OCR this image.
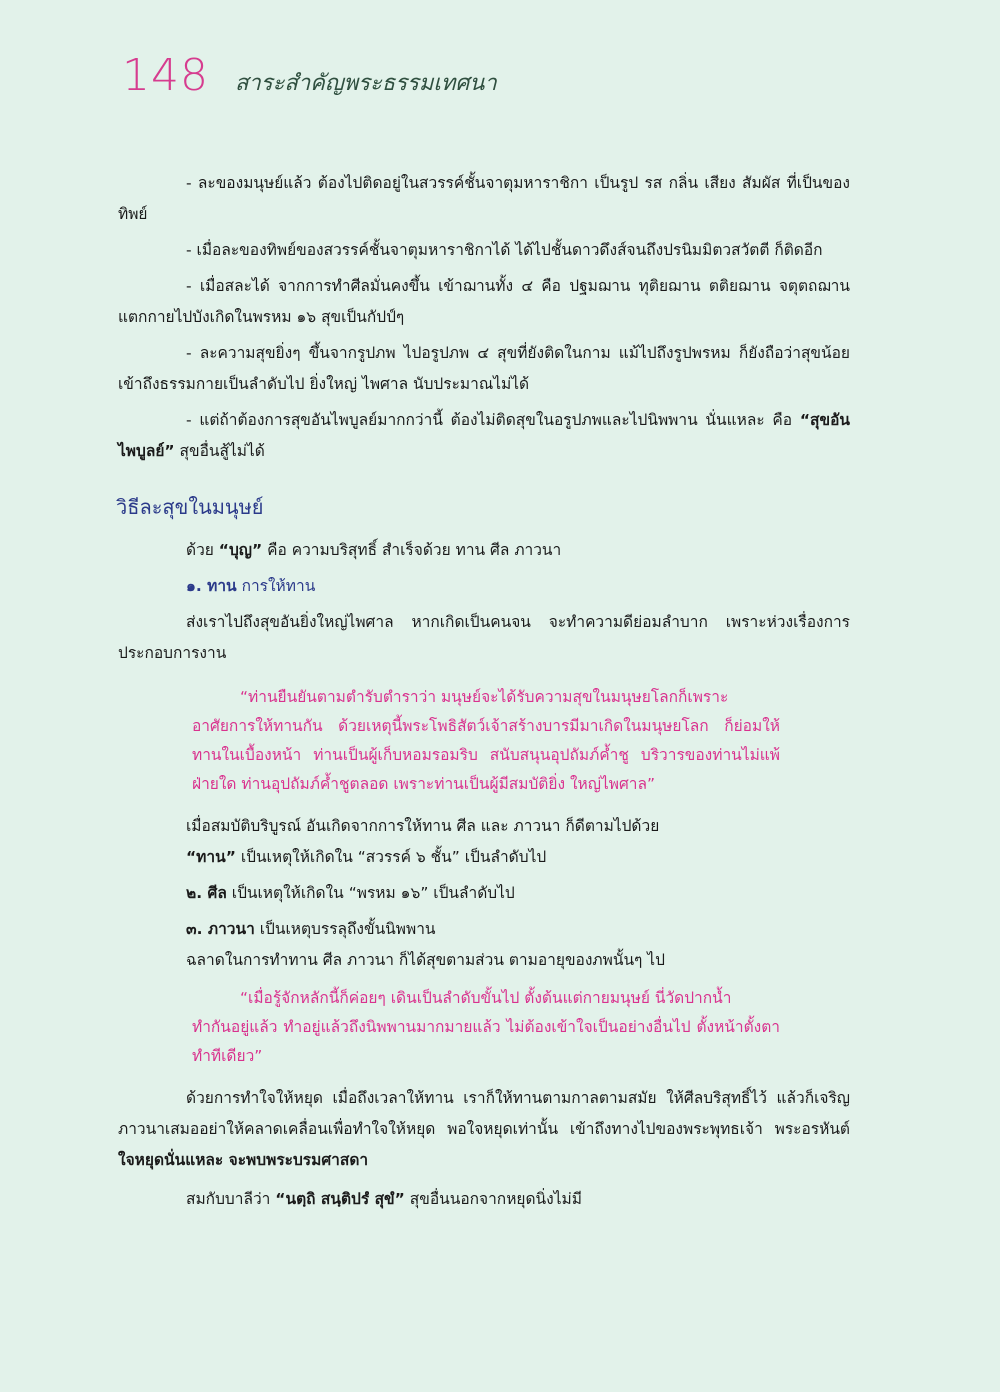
148 สาระสำคัญพระธรรมเทศนา

- ละของมนุษย์แล้ว ต้องไปติดอยู่ในสวรรค์ชั้นจาตุมหาราชิกา เป็นรูป รส กลิ่น เสียง สัมผัส ที่เป็นของทิพย์

- เมื่อละของทิพย์ของสวรรค์ชั้นจาตุมหาราชิกาได้ ได้ไปชั้นดาวดึงส์จนถึงปรนิมมิตวสวัตตี ก็ติดอีก

- เมื่อสละได้ จากการทำศีลมั่นคงขึ้น เข้าฌานทั้ง ๔ คือ ปฐมฌาน ทุติยฌาน ตติยฌาน จตุตถฌาน แตกกายไปบังเกิดในพรหม ๑๖ สุขเป็นกัปป์ๆ

- ละความสุขยิ่งๆ ขึ้นจากรูปภพ ไปอรูปภพ ๔ สุขที่ยังติดในกาม แม้ไปถึงรูปพรหม ก็ยังถือว่าสุขน้อย เข้าถึงธรรมกายเป็นลำดับไป ยิ่งใหญ่ ไพศาล นับประมาณไม่ได้

- แต่ถ้าต้องการสุขอันไพบูลย์มากกว่านี้ ต้องไม่ติดสุขในอรูปภพและไปนิพพาน นั่นแหละ คือ “สุขอันไพบูลย์” สุขอื่นสู้ไม่ได้

วิธีละสุขในมนุษย์

ด้วย “บุญ” คือ ความบริสุทธิ์ สำเร็จด้วย ทาน ศีล ภาวนา

๑. ทาน การให้ทาน

ส่งเราไปถึงสุขอันยิ่งใหญ่ไพศาล หากเกิดเป็นคนจน จะทำความดีย่อมลำบาก เพราะห่วงเรื่องการประกอบการงาน

“ท่านยืนยันตามตำรับตำราว่า มนุษย์จะได้รับความสุขในมนุษยโลกก็เพราะ
อาศัยการให้ทานกัน ด้วยเหตุนี้พระโพธิสัตว์เจ้าสร้างบารมีมาเกิดในมนุษยโลก ก็ย่อมให้ทานในเบื้องหน้า ท่านเป็นผู้เก็บหอมรอมริบ สนับสนุนอุปถัมภ์ค้ำชู บริวารของท่านไม่แพ้ฝ่ายใด ท่านอุปถัมภ์ค้ำชูตลอด เพราะท่านเป็นผู้มีสมบัติยิ่ง ใหญ่ไพศาล”

เมื่อสมบัติบริบูรณ์ อันเกิดจากการให้ทาน ศีล และ ภาวนา ก็ดีตามไปด้วย

“ทาน” เป็นเหตุให้เกิดใน “สวรรค์ ๖ ชั้น” เป็นลำดับไป

๒. ศีล เป็นเหตุให้เกิดใน “พรหม ๑๖” เป็นลำดับไป

๓. ภาวนา เป็นเหตุบรรลุถึงขั้นนิพพาน

ฉลาดในการทำทาน ศีล ภาวนา ก็ได้สุขตามส่วน ตามอายุของภพนั้นๆ ไป

“เมื่อรู้จักหลักนี้ก็ค่อยๆ เดินเป็นลำดับขั้นไป ตั้งต้นแต่กายมนุษย์ นี่วัดปากน้ำ
ทำกันอยู่แล้ว ทำอยู่แล้วถึงนิพพานมากมายแล้ว ไม่ต้องเข้าใจเป็นอย่างอื่นไป ตั้งหน้าตั้งตาทำทีเดียว”

ด้วยการทำใจให้หยุด เมื่อถึงเวลาให้ทาน เราก็ให้ทานตามกาลตามสมัย ให้ศีลบริสุทธิ์ไว้ แล้วก็เจริญภาวนาเสมออย่าให้คลาดเคลื่อนเพื่อทำใจให้หยุด พอใจหยุดเท่านั้น เข้าถึงทางไปของพระพุทธเจ้า พระอรหันต์ ใจหยุดนั่นแหละ จะพบพระบรมศาสดา

สมกับบาลีว่า “นตฺถิ สนฺติปรํ สุขํ” สุขอื่นนอกจากหยุดนิ่งไม่มี
